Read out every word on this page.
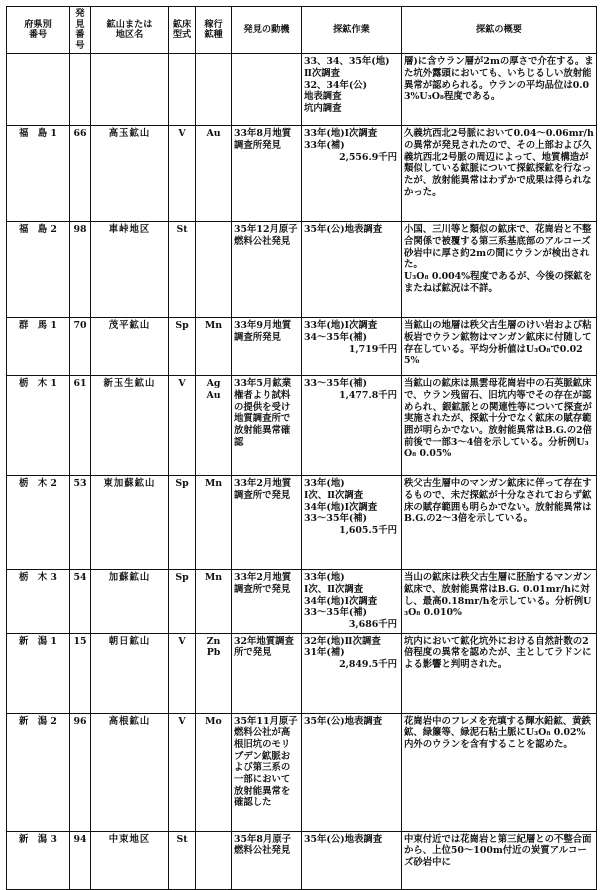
府県別
番号	発見
番号	鉱山または
地区名	鉱床
型式	稼行
鉱種	発見の動機	探鉱作業	探鉱の概要

						33、34、35年(地)
Ⅱ次調査
32、34年(公)
地表調査
坑内調査	層)に含ウラン層が2mの厚さで介在する。また坑外露頭においても、いちじるしい放射能異常が認められる。ウランの平均品位は0.03%U₃O₈程度である。
福　島 1	66	高玉鉱山	V	Au	33年8月地質調査所発見	33年(地)Ⅰ次調査
33年(補)
2,556.9千円	久義坑西北2号脈において0.04〜0.06mr/hの異常が発見されたので、その上部および久義坑西北2号脈の周辺によって、地質構造が類似している鉱脈について探鉱探鉱を行なったが、放射能異常はわずかで成果は得られなかった。
福　島 2	98	車峠地区	St		35年12月原子燃料公社発見	35年(公)地表調査	小国、三川等と類似の鉱床で、花崗岩と不整合関係で被覆する第三系基底部のアルコーズ砂岩中に厚さ約2mの間にウランが検出された。
U₃O₈ 0.004%程度であるが、今後の探鉱をまたねば鉱況は不詳。
群　馬 1	70	茂平鉱山	Sp	Mn	33年9月地質調査所発見	33年(地)Ⅰ次調査
34〜35年(補)
1,719千円	当鉱山の地層は秩父古生層のけい岩および粘板岩でウラン鉱物はマンガン鉱床に付随して存在している。平均分析値はU₃O₈で0.025%
栃　木 1	61	新玉生鉱山	V	Ag
Au	33年5月鉱業権者より試料の提供を受け地質調査所で放射能異常確認	33〜35年(補)
1,477.8千円	当鉱山の鉱床は黒雲母花崗岩中の石英脈鉱床で、ウラン残留石、旧坑内等でその存在が認められ、銀鉱脈との関連性等について探査が実施されたが、探鉱十分でなく鉱床の賦存範囲が明らかでない。放射能異常はB.G.の2倍前後で一部3〜4倍を示している。分析例U₃O₈ 0.05%
栃　木 2	53	東加蘇鉱山	Sp	Mn	33年2月地質調査所で発見	33年(地)
Ⅰ次、Ⅱ次調査
34年(地)Ⅰ次調査
33〜35年(補)
1,605.5千円	秩父古生層中のマンガン鉱床に伴って存在するもので、未だ探鉱が十分なされておらず鉱床の賦存範囲も明らかでない。放射能異常はB.G.の2〜3倍を示している。
栃　木 3	54	加蘇鉱山	Sp	Mn	33年2月地質調査所で発見	33年(地)
Ⅰ次、Ⅱ次調査
34年(地)Ⅰ次調査
33〜35年(補)
3,686千円	当山の鉱床は秩父古生層に胚胎するマンガン鉱床で、放射能異常はB.G. 0.01mr/hに対し、最高0.18mr/hを示している。分析例U₃O₈ 0.010%
新　潟 1	15	朝日鉱山	V	Zn
Pb	32年地質調査所で発見	32年(地)Ⅱ次調査
31年(補)
2,849.5千円	坑内において鉱化坑外における自然計数の2倍程度の異常を認めたが、主としてラドンによる影響と判明された。
新　潟 2	96	高根鉱山	V	Mo	35年11月原子燃料公社が高根旧坑のモリブデン鉱脈および第三系の一部において放射能異常を確認した	35年(公)地表調査	花崗岩中のフレメを充填する輝水鉛鉱、黄鉄鉱、緑簾等、緑泥石粘土脈にU₃O₈ 0.02%内外のウランを含有することを認めた。
新　潟 3	94	中束地区	St		35年8月原子燃料公社発見	35年(公)地表調査	中束付近では花崗岩と第三紀層との不整合面から、上位50〜100m付近の炭質アルコーズ砂岩中に
